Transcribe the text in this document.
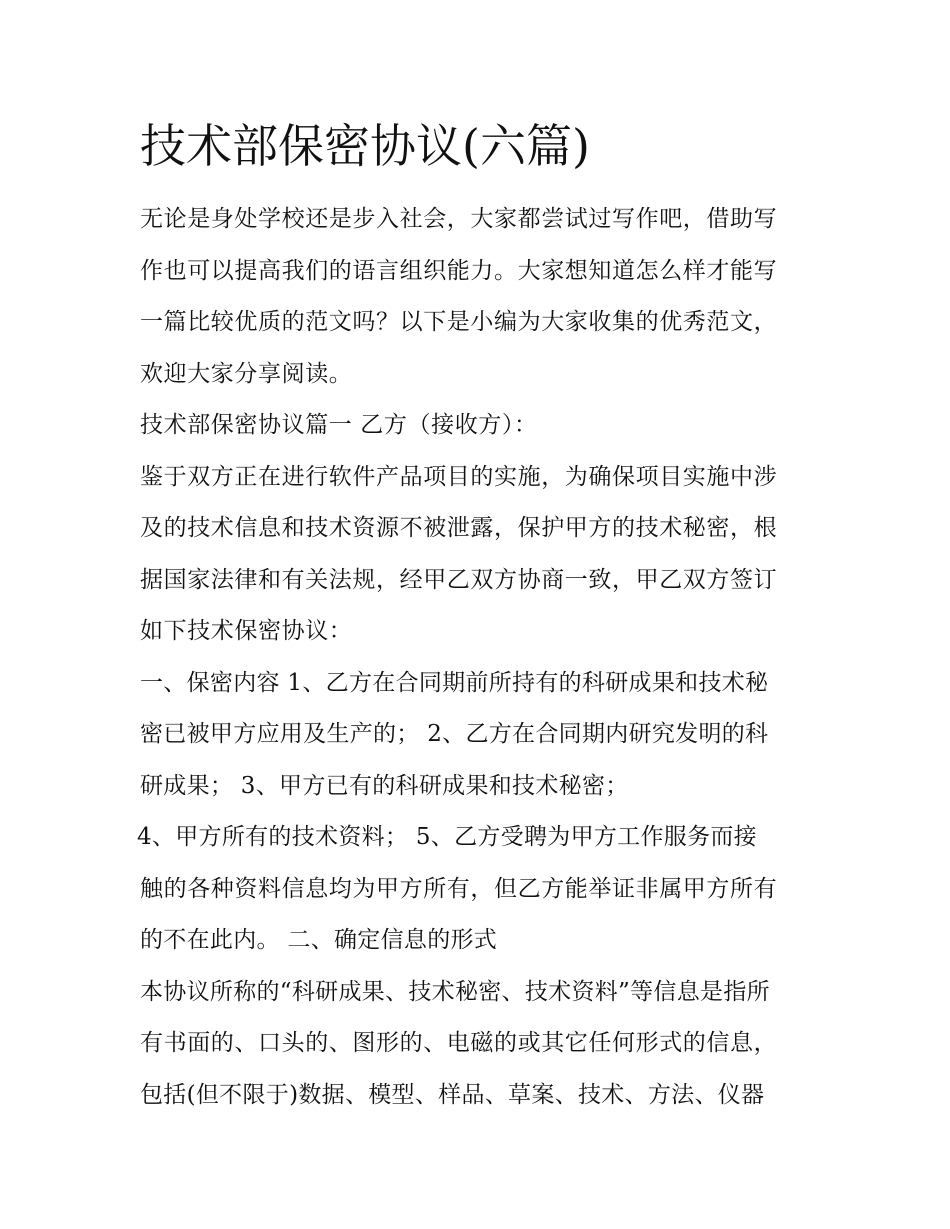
技术部保密协议(六篇)

无论是身处学校还是步入社会，大家都尝试过写作吧，借助写

作也可以提高我们的语言组织能力。大家想知道怎么样才能写

一篇比较优质的范文吗？以下是小编为大家收集的优秀范文，

欢迎大家分享阅读。

技术部保密协议篇一 乙方（接收方）：

鉴于双方正在进行软件产品项目的实施，为确保项目实施中涉

及的技术信息和技术资源不被泄露，保护甲方的技术秘密，根

据国家法律和有关法规，经甲乙双方协商一致，甲乙双方签订

如下技术保密协议：

一、保密内容 1、乙方在合同期前所持有的科研成果和技术秘

密已被甲方应用及生产的； 2、乙方在合同期内研究发明的科

研成果； 3、甲方已有的科研成果和技术秘密；

4、甲方所有的技术资料； 5、乙方受聘为甲方工作服务而接

触的各种资料信息均为甲方所有，但乙方能举证非属甲方所有

的不在此内。 二、确定信息的形式

本协议所称的“科研成果、技术秘密、技术资料”等信息是指所

有书面的、口头的、图形的、电磁的或其它任何形式的信息，

包括(但不限于)数据、模型、样品、草案、技术、方法、仪器
